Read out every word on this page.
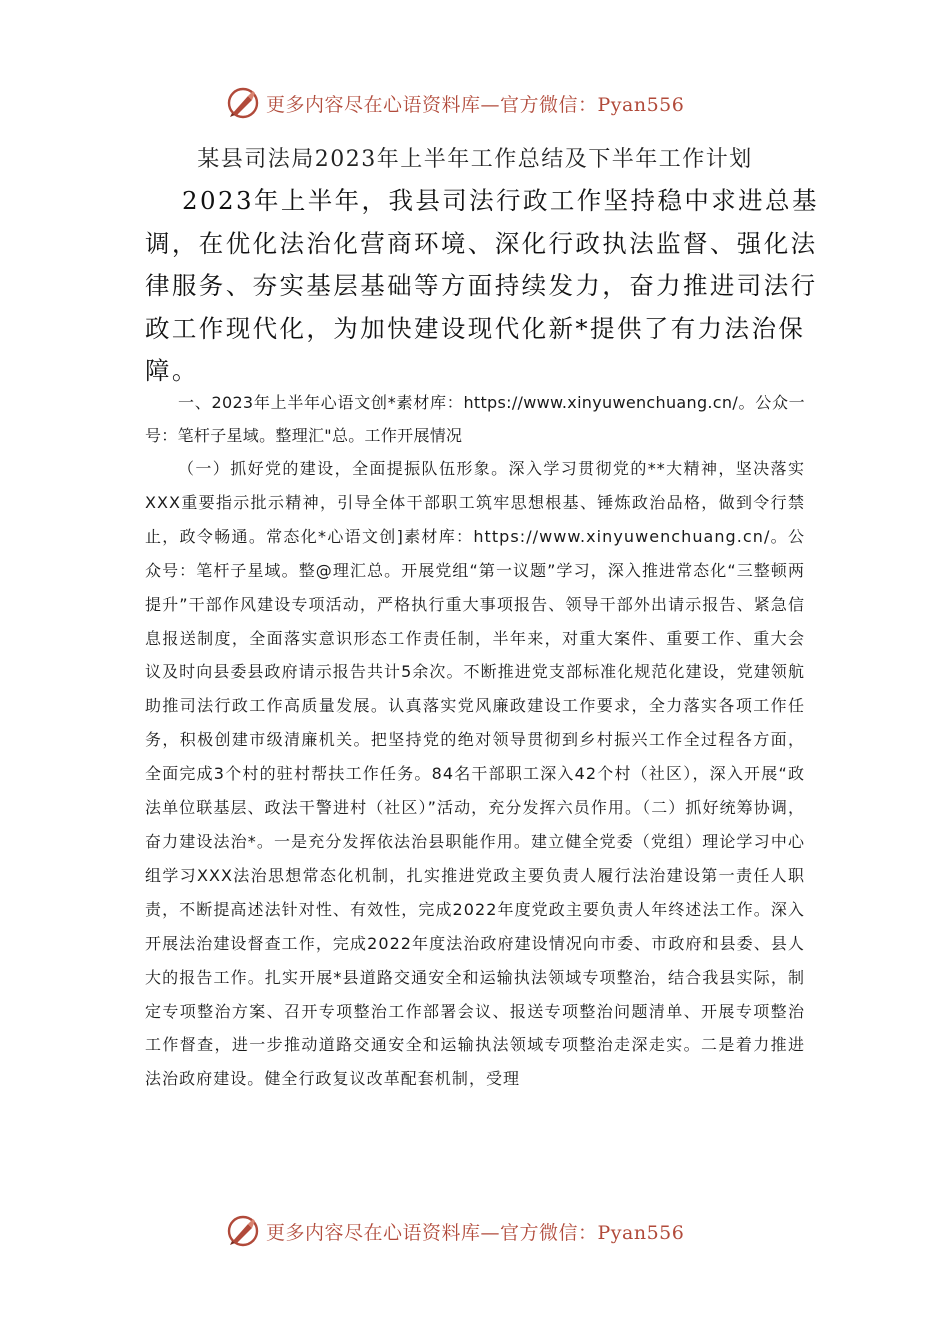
更多内容尽在心语资料库—官方微信：Pyan556
某县司法局2023年上半年工作总结及下半年工作计划

2023年上半年，我县司法行政工作坚持稳中求进总基调，在优化法治化营商环境、深化行政执法监督、强化法律服务、夯实基层基础等方面持续发力，奋力推进司法行政工作现代化，为加快建设现代化新*提供了有力法治保障。

一、2023年上半年心语文创*素材库：https://www.xinyuwenchuang.cn/。公众一号：笔杆子星域。整理汇"总。工作开展情况

（一）抓好党的建设，全面提振队伍形象。深入学习贯彻党的**大精神，坚决落实XXX重要指示批示精神，引导全体干部职工筑牢思想根基、锤炼政治品格，做到令行禁止，政令畅通。常态化*心语文创]素材库：https://www.xinyuwenchuang.cn/。公众号：笔杆子星域。整@理汇总。开展党组“第一议题”学习，深入推进常态化“三整顿两提升”干部作风建设专项活动，严格执行重大事项报告、领导干部外出请示报告、紧急信息报送制度，全面落实意识形态工作责任制，半年来，对重大案件、重要工作、重大会议及时向县委县政府请示报告共计5余次。不断推进党支部标准化规范化建设，党建领航助推司法行政工作高质量发展。认真落实党风廉政建设工作要求，全力落实各项工作任务，积极创建市级清廉机关。把坚持党的绝对领导贯彻到乡村振兴工作全过程各方面，全面完成3个村的驻村帮扶工作任务。84名干部职工深入42个村（社区），深入开展“政法单位联基层、政法干警进村（社区）”活动，充分发挥六员作用。（二）抓好统筹协调，奋力建设法治*。一是充分发挥依法治县职能作用。建立健全党委（党组）理论学习中心组学习XXX法治思想常态化机制，扎实推进党政主要负责人履行法治建设第一责任人职责，不断提高述法针对性、有效性，完成2022年度党政主要负责人年终述法工作。深入开展法治建设督查工作，完成2022年度法治政府建设情况向市委、市政府和县委、县人大的报告工作。扎实开展*县道路交通安全和运输执法领域专项整治，结合我县实际，制定专项整治方案、召开专项整治工作部署会议、报送专项整治问题清单、开展专项整治工作督查，进一步推动道路交通安全和运输执法领域专项整治走深走实。二是着力推进法治政府建设。健全行政复议改革配套机制，受理

更多内容尽在心语资料库—官方微信：Pyan556
